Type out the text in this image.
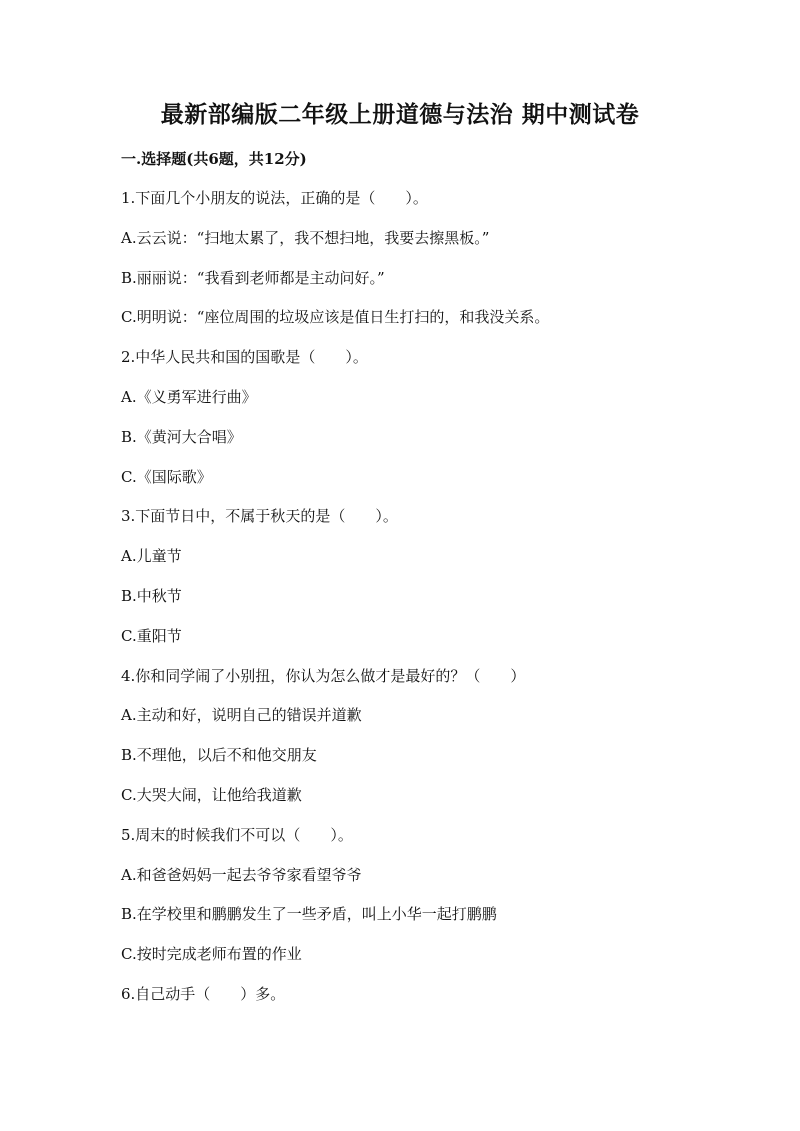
最新部编版二年级上册道德与法治 期中测试卷
一.选择题(共6题，共12分)
1.下面几个小朋友的说法，正确的是（　　）。
A.云云说：“扫地太累了，我不想扫地，我要去擦黑板。”
B.丽丽说：“我看到老师都是主动问好。”
C.明明说：“座位周围的垃圾应该是值日生打扫的，和我没关系。
2.中华人民共和国的国歌是（　　）。
A.《义勇军进行曲》
B.《黄河大合唱》
C.《国际歌》
3.下面节日中，不属于秋天的是（　　）。
A.儿童节
B.中秋节
C.重阳节
4.你和同学闹了小别扭，你认为怎么做才是最好的？（　　）
A.主动和好，说明自己的错误并道歉
B.不理他，以后不和他交朋友
C.大哭大闹，让他给我道歉
5.周末的时候我们不可以（　　）。
A.和爸爸妈妈一起去爷爷家看望爷爷
B.在学校里和鹏鹏发生了一些矛盾，叫上小华一起打鹏鹏
C.按时完成老师布置的作业
6.自己动手（　　）多。
